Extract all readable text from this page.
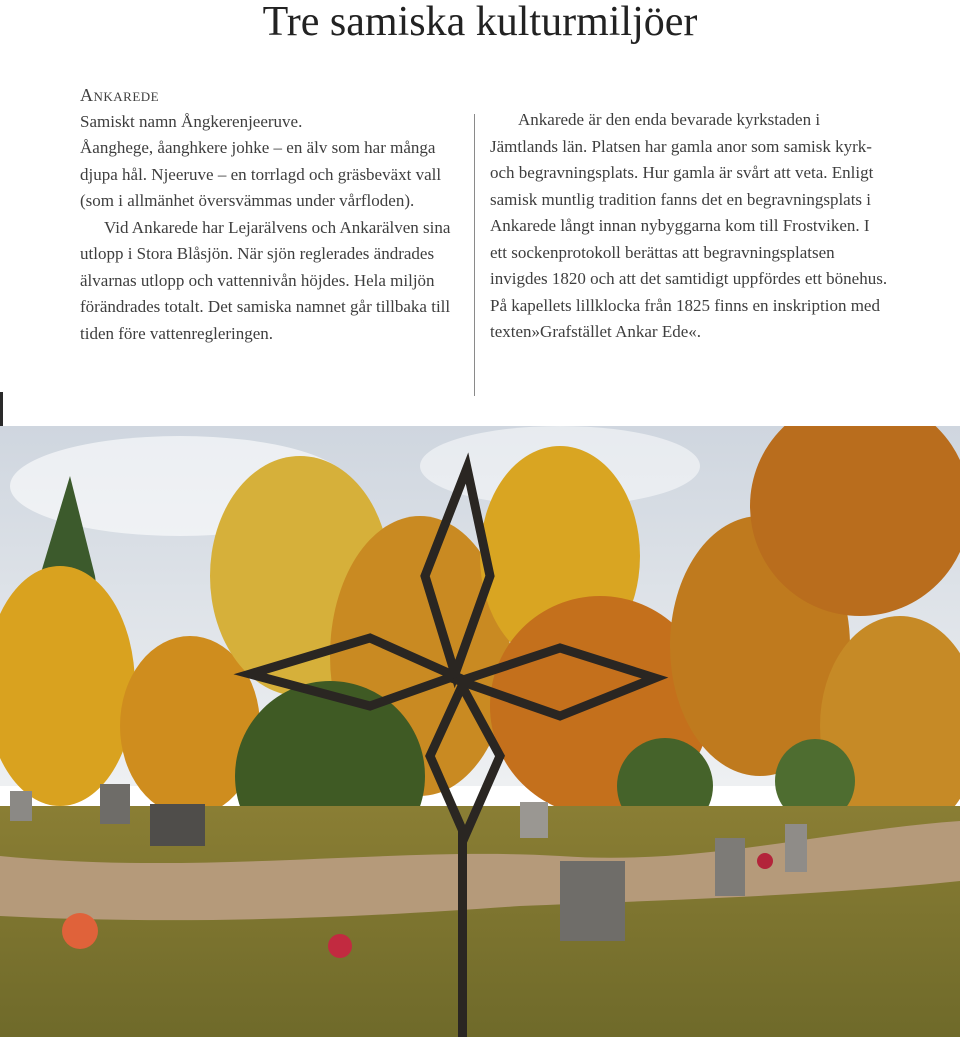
Tre samiska kulturmiljöer

Ankarede

Samiskt namn Ångkerenjeeruve.

Åanghege, åanghkere johke – en älv som har många djupa hål. Njeeruve – en torrlagd och gräsbeväxt vall (som i allmänhet översvämmas under vårfloden).

Vid Ankarede har Lejarälvens och Ankarälven sina utlopp i Stora Blåsjön. När sjön reglerades ändrades älvarnas utlopp och vattennivån höjdes. Hela miljön förändrades totalt. Det samiska namnet går tillbaka till tiden före vattenregleringen.

Ankarede är den enda bevarade kyrkstaden i Jämtlands län. Platsen har gamla anor som samisk kyrk- och begravningsplats. Hur gamla är svårt att veta. Enligt samisk muntlig tradition fanns det en begravningsplats i Ankarede långt innan nybyggarna kom till Frostviken. I ett sockenprotokoll berättas att begravningsplatsen invigdes 1820 och att det samtidigt uppfördes ett bönehus. På kapellets lillklocka från 1825 finns en inskription med texten»Grafstället Ankar Ede«.
